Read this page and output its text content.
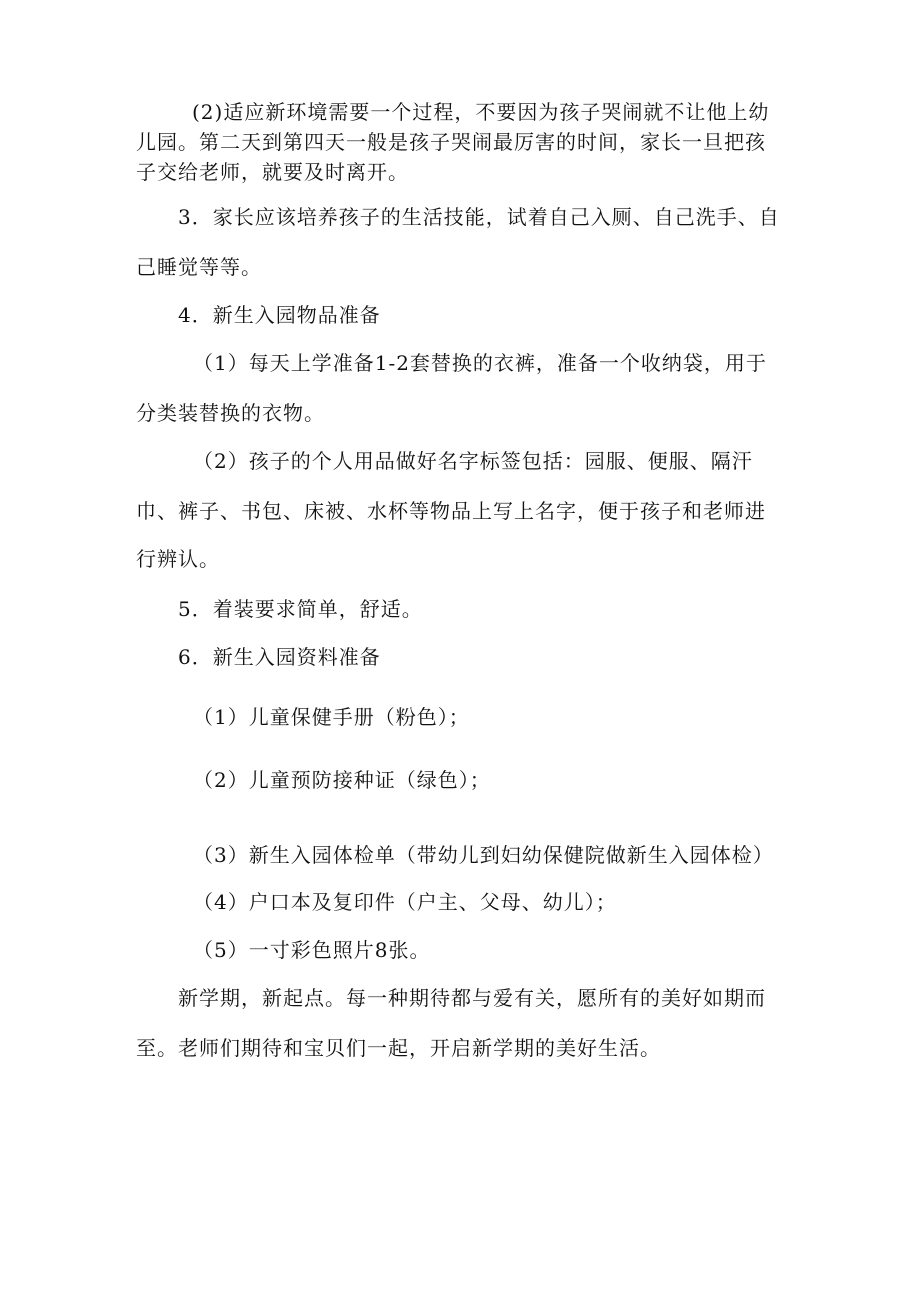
(2)适应新环境需要一个过程，不要因为孩子哭闹就不让他上幼
儿园。第二天到第四天一般是孩子哭闹最厉害的时间，家长一旦把孩
子交给老师，就要及时离开。
3．家长应该培养孩子的生活技能，试着自己入厕、自己洗手、自
己睡觉等等。
4．新生入园物品准备
（1）每天上学准备1-2套替换的衣裤，准备一个收纳袋，用于
分类装替换的衣物。
（2）孩子的个人用品做好名字标签包括：园服、便服、隔汗
巾、裤子、书包、床被、水杯等物品上写上名字，便于孩子和老师进
行辨认。
5．着装要求简单，舒适。
6．新生入园资料准备
（1）儿童保健手册（粉色）；
（2）儿童预防接种证（绿色）；
（3）新生入园体检单（带幼儿到妇幼保健院做新生入园体检）
（4）户口本及复印件（户主、父母、幼儿）；
（5）一寸彩色照片8张。
新学期，新起点。每一种期待都与爱有关，愿所有的美好如期而
至。老师们期待和宝贝们一起，开启新学期的美好生活。
